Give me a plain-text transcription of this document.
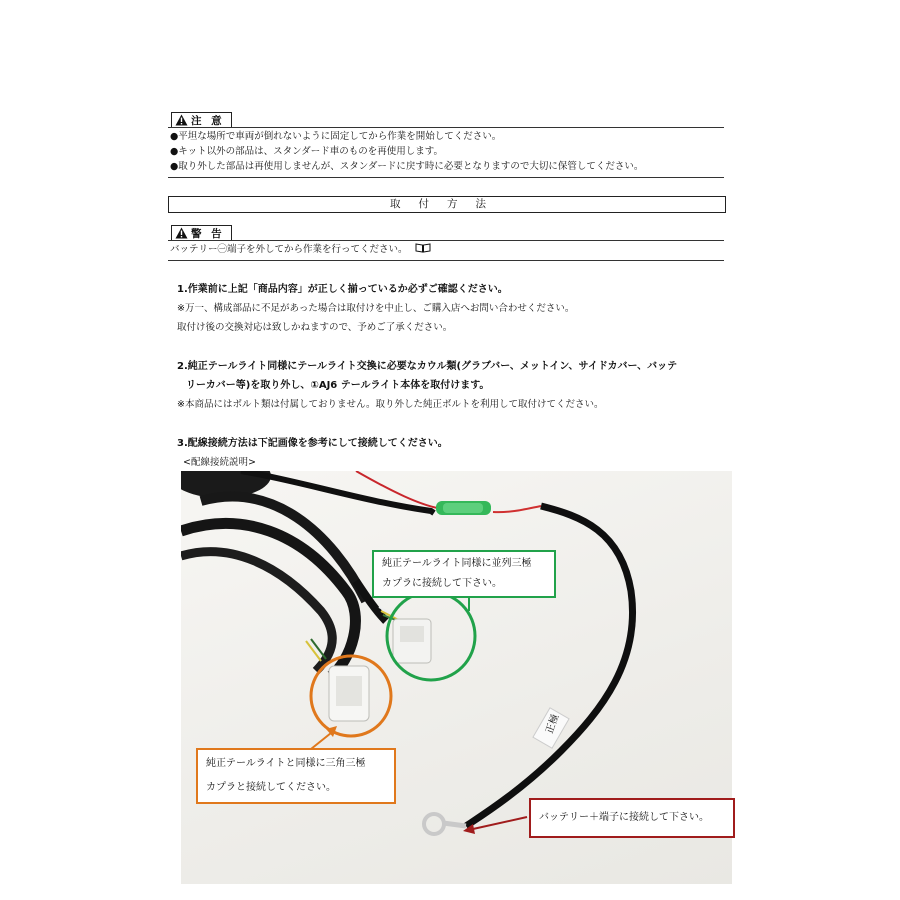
注 意
●平坦な場所で車両が倒れないように固定してから作業を開始してください。
●キット以外の部品は、スタンダード車のものを再使用します。
●取り外した部品は再使用しませんが、スタンダードに戻す時に必要となりますので大切に保管してください。
取付方法
警 告
バッテリー㊀端子を外してから作業を行ってください。
1.作業前に上記「商品内容」が正しく揃っているか必ずご確認ください。
※万一、構成部品に不足があった場合は取付けを中止し、ご購入店へお問い合わせください。
取付け後の交換対応は致しかねますので、予めご了承ください。
2.純正テールライト同様にテールライト交換に必要なカウル類(グラブバー、メットイン、サイドカバー、バッテ
リーカバー等)を取り外し、①AJ6 テールライト本体を取付けます。
※本商品にはボルト類は付属しておりません。取り外した純正ボルトを利用して取付けてください。
3.配線接続方法は下記画像を参考にして接続してください。
<配線接続説明>
正極
純正テールライト同様に並列三極
カプラに接続して下さい。
純正テールライトと同様に三角三極
カプラと接続してください。
バッテリー＋端子に接続して下さい。
